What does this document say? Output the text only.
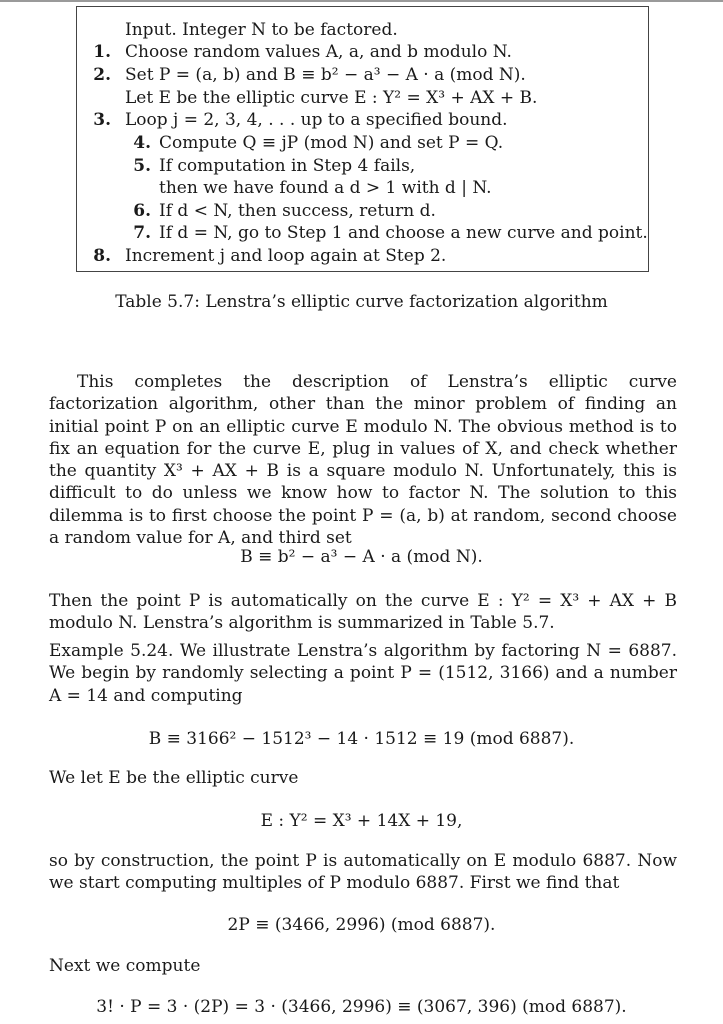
Input. Integer N to be factored.
1. Choose random values A, a, and b modulo N.
2. Set P = (a, b) and B ≡ b² − a³ − A · a (mod N).
Let E be the elliptic curve E : Y² = X³ + AX + B.
3. Loop j = 2, 3, 4, . . . up to a specified bound.
4. Compute Q ≡ jP (mod N) and set P = Q.
5. If computation in Step 4 fails,
then we have found a d > 1 with d | N.
6. If d < N, then success, return d.
7. If d = N, go to Step 1 and choose a new curve and point.
8. Increment j and loop again at Step 2.
Table 5.7: Lenstra’s elliptic curve factorization algorithm
This completes the description of Lenstra’s elliptic curve factorization algorithm, other than the minor problem of finding an initial point P on an elliptic curve E modulo N. The obvious method is to fix an equation for the curve E, plug in values of X, and check whether the quantity X³ + AX + B is a square modulo N. Unfortunately, this is difficult to do unless we know how to factor N. The solution to this dilemma is to first choose the point P = (a, b) at random, second choose a random value for A, and third set
B ≡ b² − a³ − A · a (mod N).
Then the point P is automatically on the curve E : Y² = X³ + AX + B modulo N. Lenstra’s algorithm is summarized in Table 5.7.
Example 5.24. We illustrate Lenstra’s algorithm by factoring N = 6887. We begin by randomly selecting a point P = (1512, 3166) and a number A = 14 and computing
B ≡ 3166² − 1512³ − 14 · 1512 ≡ 19 (mod 6887).
We let E be the elliptic curve
E : Y² = X³ + 14X + 19,
so by construction, the point P is automatically on E modulo 6887. Now we start computing multiples of P modulo 6887. First we find that
2P ≡ (3466, 2996) (mod 6887).
Next we compute
3! · P = 3 · (2P) = 3 · (3466, 2996) ≡ (3067, 396) (mod 6887).
